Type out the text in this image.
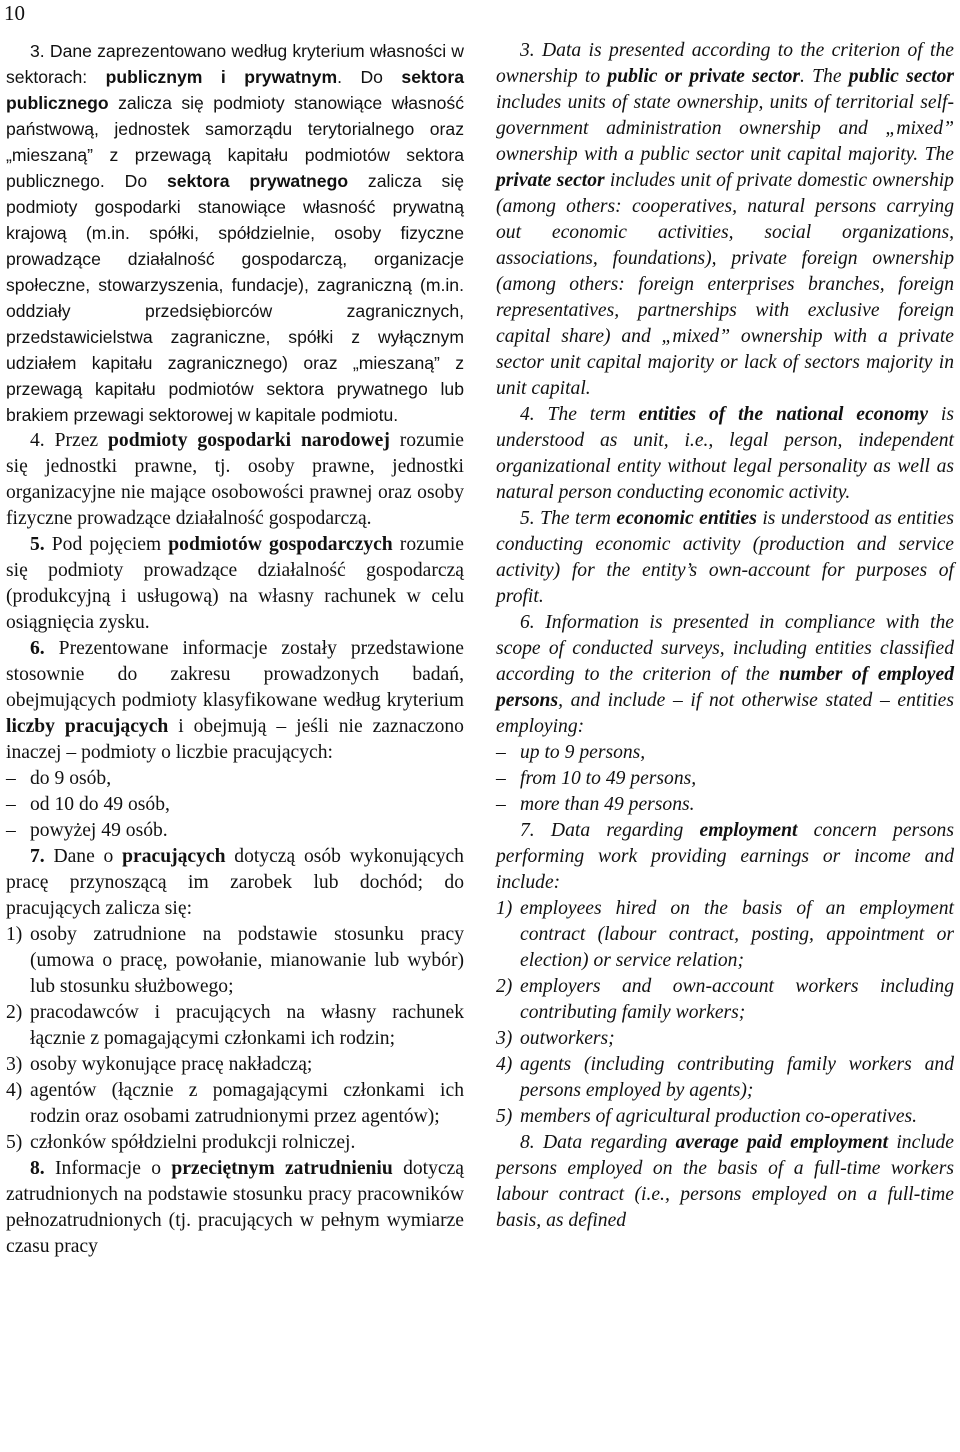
10

3. Dane zaprezentowano według kryterium własności w sektorach: publicznym i prywatnym. Do sektora publicznego zalicza się podmioty stanowiące własność państwową, jednostek samorządu terytorialnego oraz „mieszaną” z przewagą kapitału podmiotów sektora publicznego. Do sektora prywatnego zalicza się podmioty gospodarki stanowiące własność prywatną krajową (m.in. spółki, spółdzielnie, osoby fizyczne prowadzące działalność gospodarczą, organizacje społeczne, stowarzyszenia, fundacje), zagraniczną (m.in. oddziały przedsiębiorców zagranicznych, przedstawicielstwa zagraniczne, spółki z wyłącznym udziałem kapitału zagranicznego) oraz „mieszaną” z przewagą kapitału podmiotów sektora prywatnego lub brakiem przewagi sektorowej w kapitale podmiotu.

4. Przez podmioty gospodarki narodowej rozumie się jednostki prawne, tj. osoby prawne, jednostki organizacyjne nie mające osobowości prawnej oraz osoby fizyczne prowadzące działalność gospodarczą.

5. Pod pojęciem podmiotów gospodarczych rozumie się podmioty prowadzące działalność gospodarczą (produkcyjną i usługową) na własny rachunek w celu osiągnięcia zysku.

6. Prezentowane informacje zostały przedstawione stosownie do zakresu prowadzonych badań, obejmujących podmioty klasyfikowane według kryterium liczby pracujących i obejmują – jeśli nie zaznaczono inaczej – podmioty o liczbie pracujących:

– do 9 osób,
– od 10 do 49 osób,
– powyżej 49 osób.

7. Dane o pracujących dotyczą osób wykonujących pracę przynoszącą im zarobek lub dochód; do pracujących zalicza się:

1) osoby zatrudnione na podstawie stosunku pracy (umowa o pracę, powołanie, mianowanie lub wybór) lub stosunku służbowego;
2) pracodawców i pracujących na własny rachunek łącznie z pomagającymi członkami ich rodzin;
3) osoby wykonujące pracę nakładczą;
4) agentów (łącznie z pomagającymi członkami ich rodzin oraz osobami zatrudnionymi przez agentów);
5) członków spółdzielni produkcji rolniczej.

8. Informacje o przeciętnym zatrudnieniu dotyczą zatrudnionych na podstawie stosunku pracy pracowników pełnozatrudnionych (tj. pracujących w pełnym wymiarze czasu pracy

3. Data is presented according to the criterion of the ownership to public or private sector. The public sector includes units of state ownership, units of territorial self-government administration ownership and „mixed” ownership with a public sector unit capital majority. The private sector includes unit of private domestic ownership (among others: cooperatives, natural persons carrying out economic activities, social organizations, associations, foundations), private foreign ownership (among others: foreign enterprises branches, foreign representatives, partnerships with exclusive foreign capital share) and „mixed” ownership with a private sector unit capital majority or lack of sectors majority in unit capital.

4. The term entities of the national economy is understood as unit, i.e., legal person, independent organizational entity without legal personality as well as natural person conducting economic activity.

5. The term economic entities is understood as entities conducting economic activity (production and service activity) for the entity’s own-account for purposes of profit.

6. Information is presented in compliance with the scope of conducted surveys, including entities classified according to the criterion of the number of employed persons, and include – if not otherwise stated – entities employing:

– up to 9 persons,
– from 10 to 49 persons,
– more than 49 persons.

7. Data regarding employment concern persons performing work providing earnings or income and include:

1) employees hired on the basis of an employment contract (labour contract, posting, appointment or election) or service relation;
2) employers and own-account workers including contributing family workers;
3) outworkers;
4) agents (including contributing family workers and persons employed by agents);
5) members of agricultural production co-operatives.

8. Data regarding average paid employment include persons employed on the basis of a full-time workers labour contract (i.e., persons employed on a full-time basis, as defined
